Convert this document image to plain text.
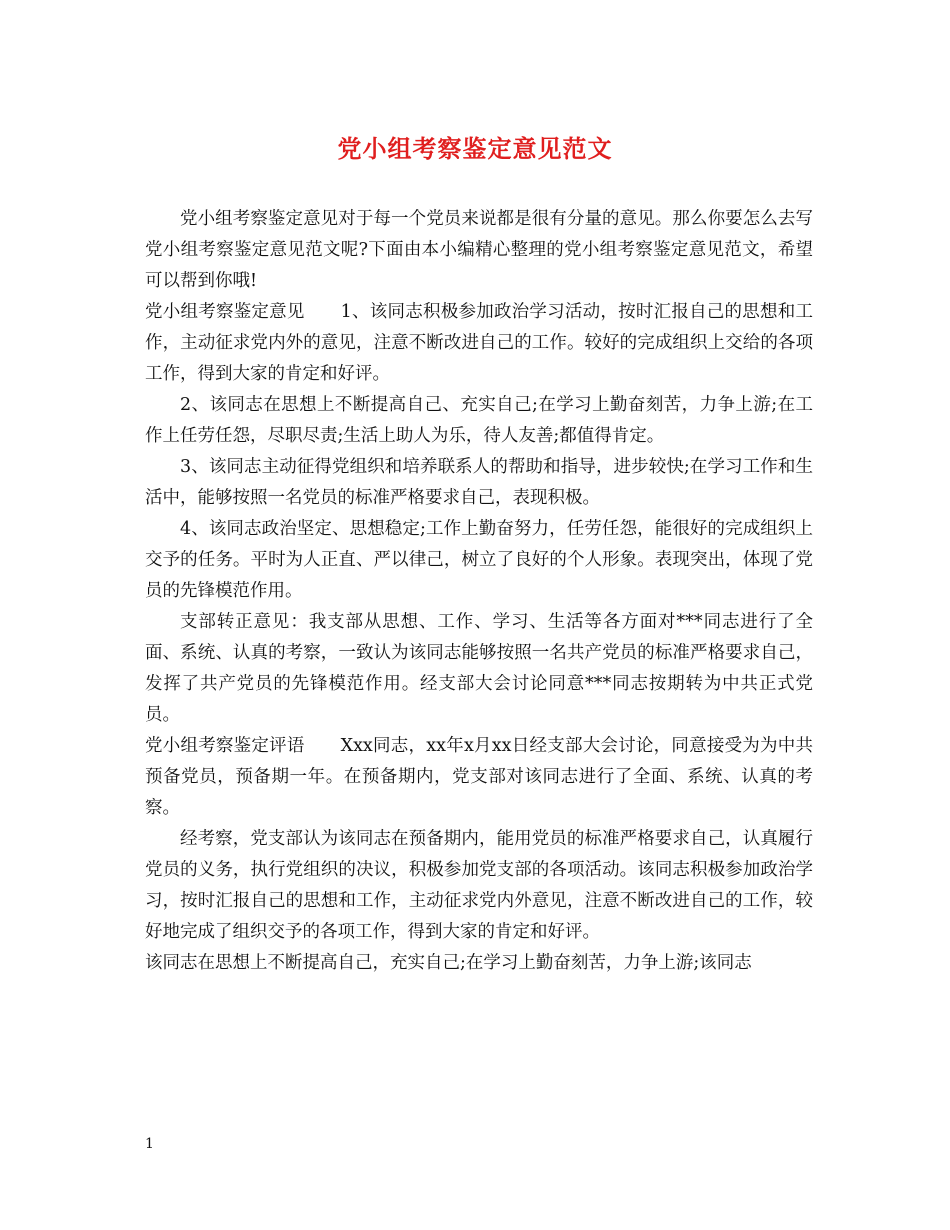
党小组考察鉴定意见范文

党小组考察鉴定意见对于每一个党员来说都是很有分量的意见。那么你要怎么去写党小组考察鉴定意见范文呢?下面由本小编精心整理的党小组考察鉴定意见范文，希望可以帮到你哦!

党小组考察鉴定意见 1、该同志积极参加政治学习活动，按时汇报自己的思想和工作，主动征求党内外的意见，注意不断改进自己的工作。较好的完成组织上交给的各项工作，得到大家的肯定和好评。

2、该同志在思想上不断提高自己、充实自己;在学习上勤奋刻苦，力争上游;在工作上任劳任怨，尽职尽责;生活上助人为乐，待人友善;都值得肯定。

3、该同志主动征得党组织和培养联系人的帮助和指导，进步较快;在学习工作和生活中，能够按照一名党员的标准严格要求自己，表现积极。

4、该同志政治坚定、思想稳定;工作上勤奋努力，任劳任怨，能很好的完成组织上交予的任务。平时为人正直、严以律己，树立了良好的个人形象。表现突出，体现了党员的先锋模范作用。

支部转正意见：我支部从思想、工作、学习、生活等各方面对***同志进行了全面、系统、认真的考察，一致认为该同志能够按照一名共产党员的标准严格要求自己，发挥了共产党员的先锋模范作用。经支部大会讨论同意***同志按期转为中共正式党员。

党小组考察鉴定评语 Xxx同志，xx年x月xx日经支部大会讨论，同意接受为为中共预备党员，预备期一年。在预备期内，党支部对该同志进行了全面、系统、认真的考察。

经考察，党支部认为该同志在预备期内，能用党员的标准严格要求自己，认真履行党员的义务，执行党组织的决议，积极参加党支部的各项活动。该同志积极参加政治学习，按时汇报自己的思想和工作，主动征求党内外意见，注意不断改进自己的工作，较好地完成了组织交予的各项工作，得到大家的肯定和好评。

该同志在思想上不断提高自己，充实自己;在学习上勤奋刻苦，力争上游;该同志

1
